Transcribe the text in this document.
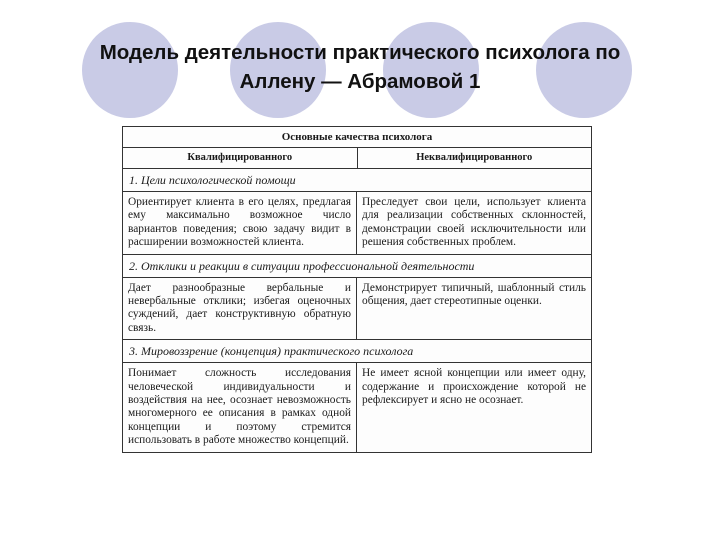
Модель деятельности практического психолога по
Аллену — Абрамовой 1
Основные качества психолога
Квалифицированного	Неквалифицированного
1. Цели психологической помощи
Ориентирует клиента в его целях, предлагая ему максимально возможное число вариантов поведения; свою задачу видит в расширении возможностей клиента.
Преследует свои цели, использует клиента для реализации собственных склонностей, демонстрации своей исключительности или решения собственных проблем.
2. Отклики и реакции в ситуации профессиональной деятельности
Дает разнообразные вербальные и невербальные отклики; избегая оценочных суждений, дает конструктивную обратную связь.
Демонстрирует типичный, шаблонный стиль общения, дает стереотипные оценки.
3. Мировоззрение (концепция) практического психолога
Понимает сложность исследования человеческой индивидуальности и воздействия на нее, осознает невозможность многомерного ее описания в рамках одной концепции и поэтому стремится использовать в работе множество концепций.
Не имеет ясной концепции или имеет одну, содержание и происхождение которой не рефлексирует и ясно не осознает.
